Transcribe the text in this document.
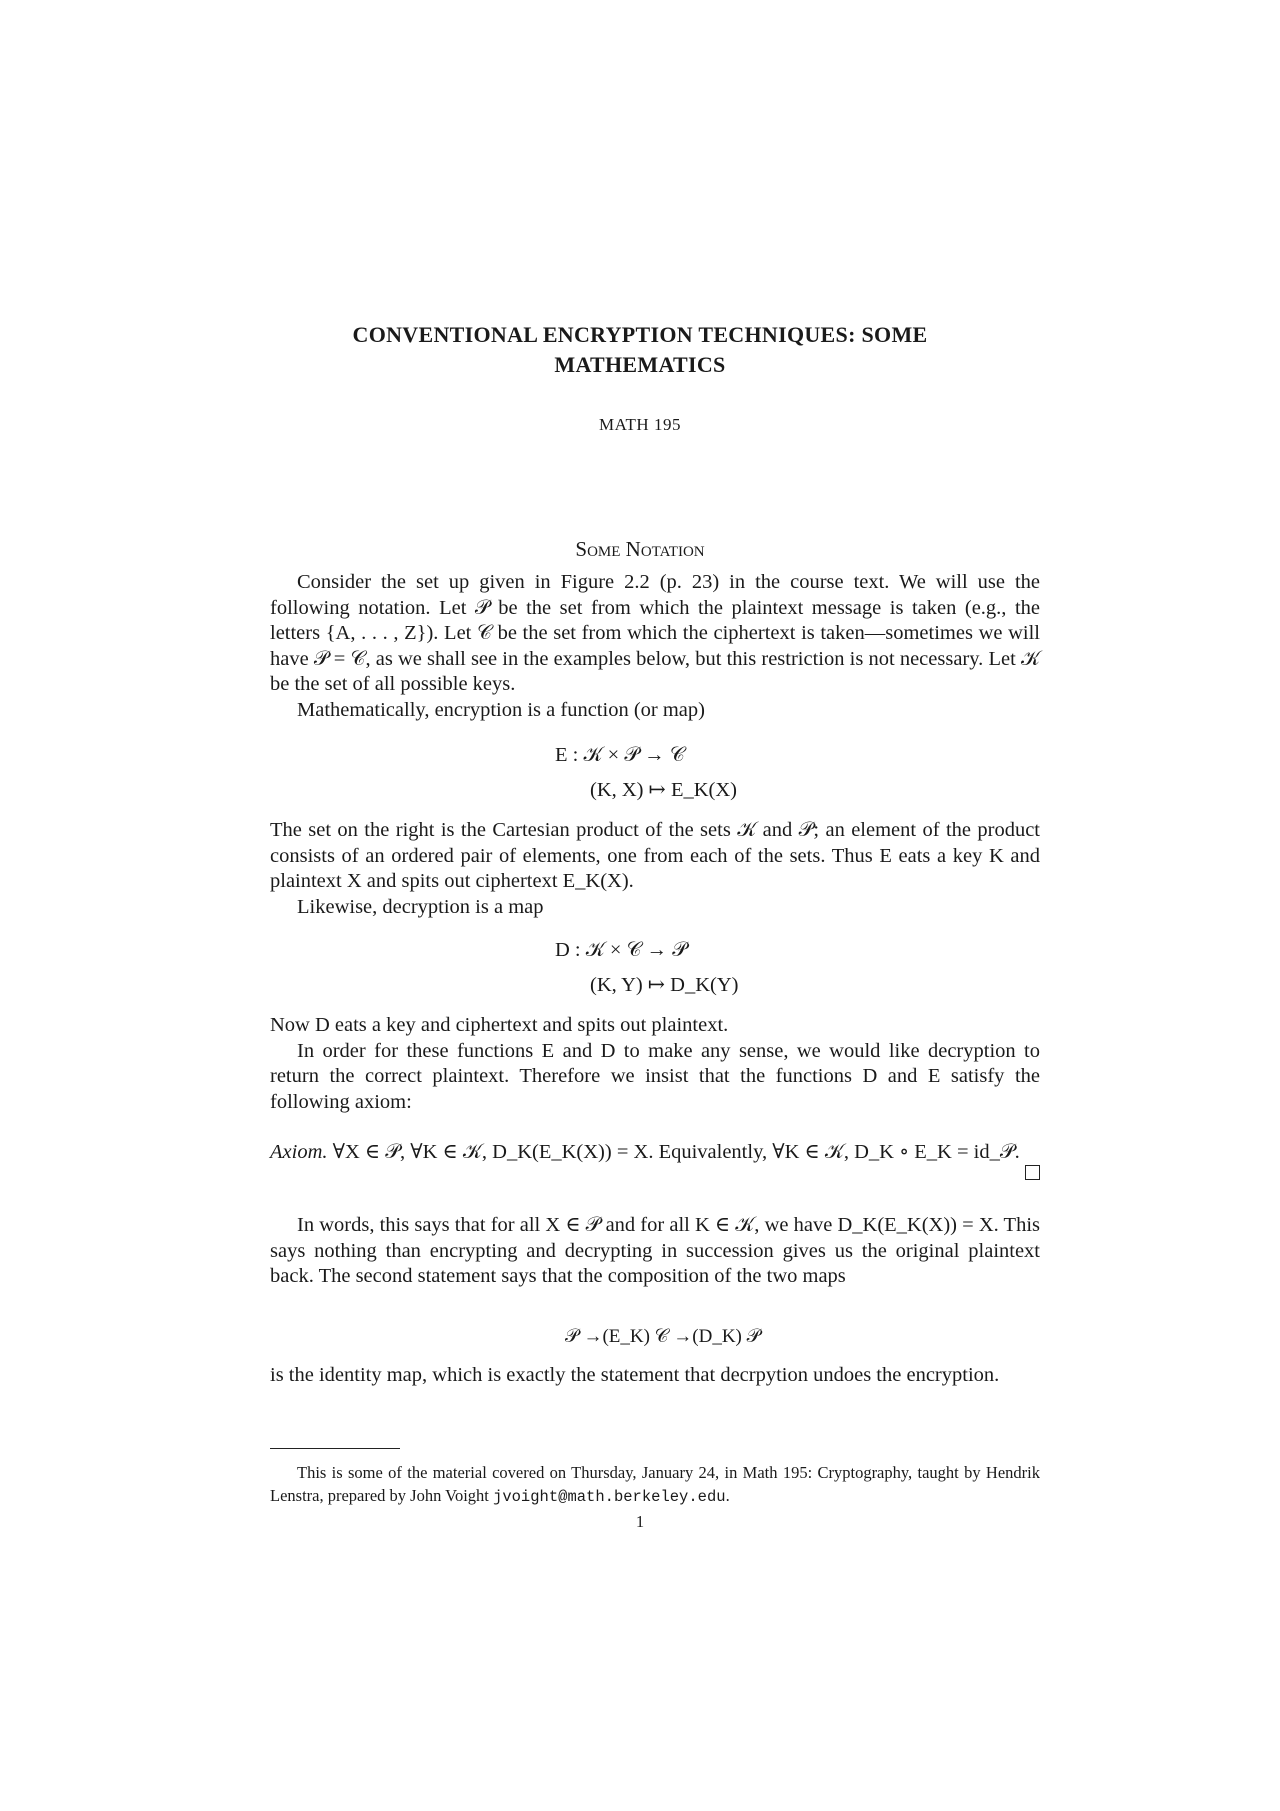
CONVENTIONAL ENCRYPTION TECHNIQUES: SOME
MATHEMATICS
MATH 195
Some Notation

Consider the set up given in Figure 2.2 (p. 23) in the course text. We will use the following notation. Let 𝒫 be the set from which the plaintext message is taken (e.g., the letters {A, . . . , Z}). Let 𝒞 be the set from which the ciphertext is taken—sometimes we will have 𝒫 = 𝒞, as we shall see in the examples below, but this restriction is not necessary. Let 𝒦 be the set of all possible keys.

Mathematically, encryption is a function (or map)

E : 𝒦 × 𝒫 → 𝒞
(K, X) ↦ E_K(X)

The set on the right is the Cartesian product of the sets 𝒦 and 𝒫; an element of the product consists of an ordered pair of elements, one from each of the sets. Thus E eats a key K and plaintext X and spits out ciphertext E_K(X).

Likewise, decryption is a map

D : 𝒦 × 𝒞 → 𝒫
(K, Y) ↦ D_K(Y)

Now D eats a key and ciphertext and spits out plaintext.

In order for these functions E and D to make any sense, we would like decryption to return the correct plaintext. Therefore we insist that the functions D and E satisfy the following axiom:

Axiom. ∀X ∈ 𝒫, ∀K ∈ 𝒦, D_K(E_K(X)) = X. Equivalently, ∀K ∈ 𝒦, D_K ∘ E_K = id_𝒫.

In words, this says that for all X ∈ 𝒫 and for all K ∈ 𝒦, we have D_K(E_K(X)) = X. This says nothing than encrypting and decrypting in succession gives us the original plaintext back. The second statement says that the composition of the two maps

𝒫 →(E_K) 𝒞 →(D_K) 𝒫

is the identity map, which is exactly the statement that decrpytion undoes the encryption.

This is some of the material covered on Thursday, January 24, in Math 195: Cryptography, taught by Hendrik Lenstra, prepared by John Voight jvoight@math.berkeley.edu.
1
